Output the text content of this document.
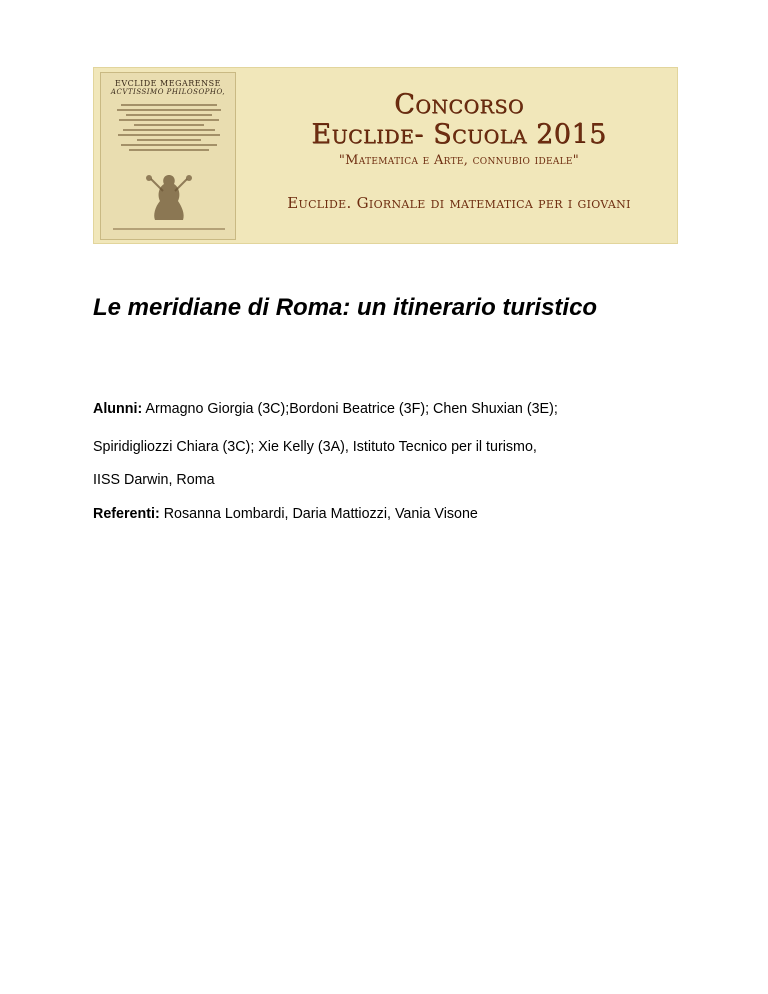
EVCLIDE MEGARENSE
ACVTISSIMO PHILOSOPHO,	Concorso
Euclide- Scuola 2015
"Matematica e Arte, connubio ideale"
Euclide. Giornale di matematica per i giovani
Le meridiane di Roma: un itinerario turistico

Alunni: Armagno Giorgia (3C);Bordoni Beatrice (3F); Chen Shuxian (3E);

Spiridigliozzi Chiara (3C); Xie Kelly (3A), Istituto Tecnico per il turismo,

IISS Darwin, Roma

Referenti: Rosanna Lombardi, Daria Mattiozzi, Vania Visone
